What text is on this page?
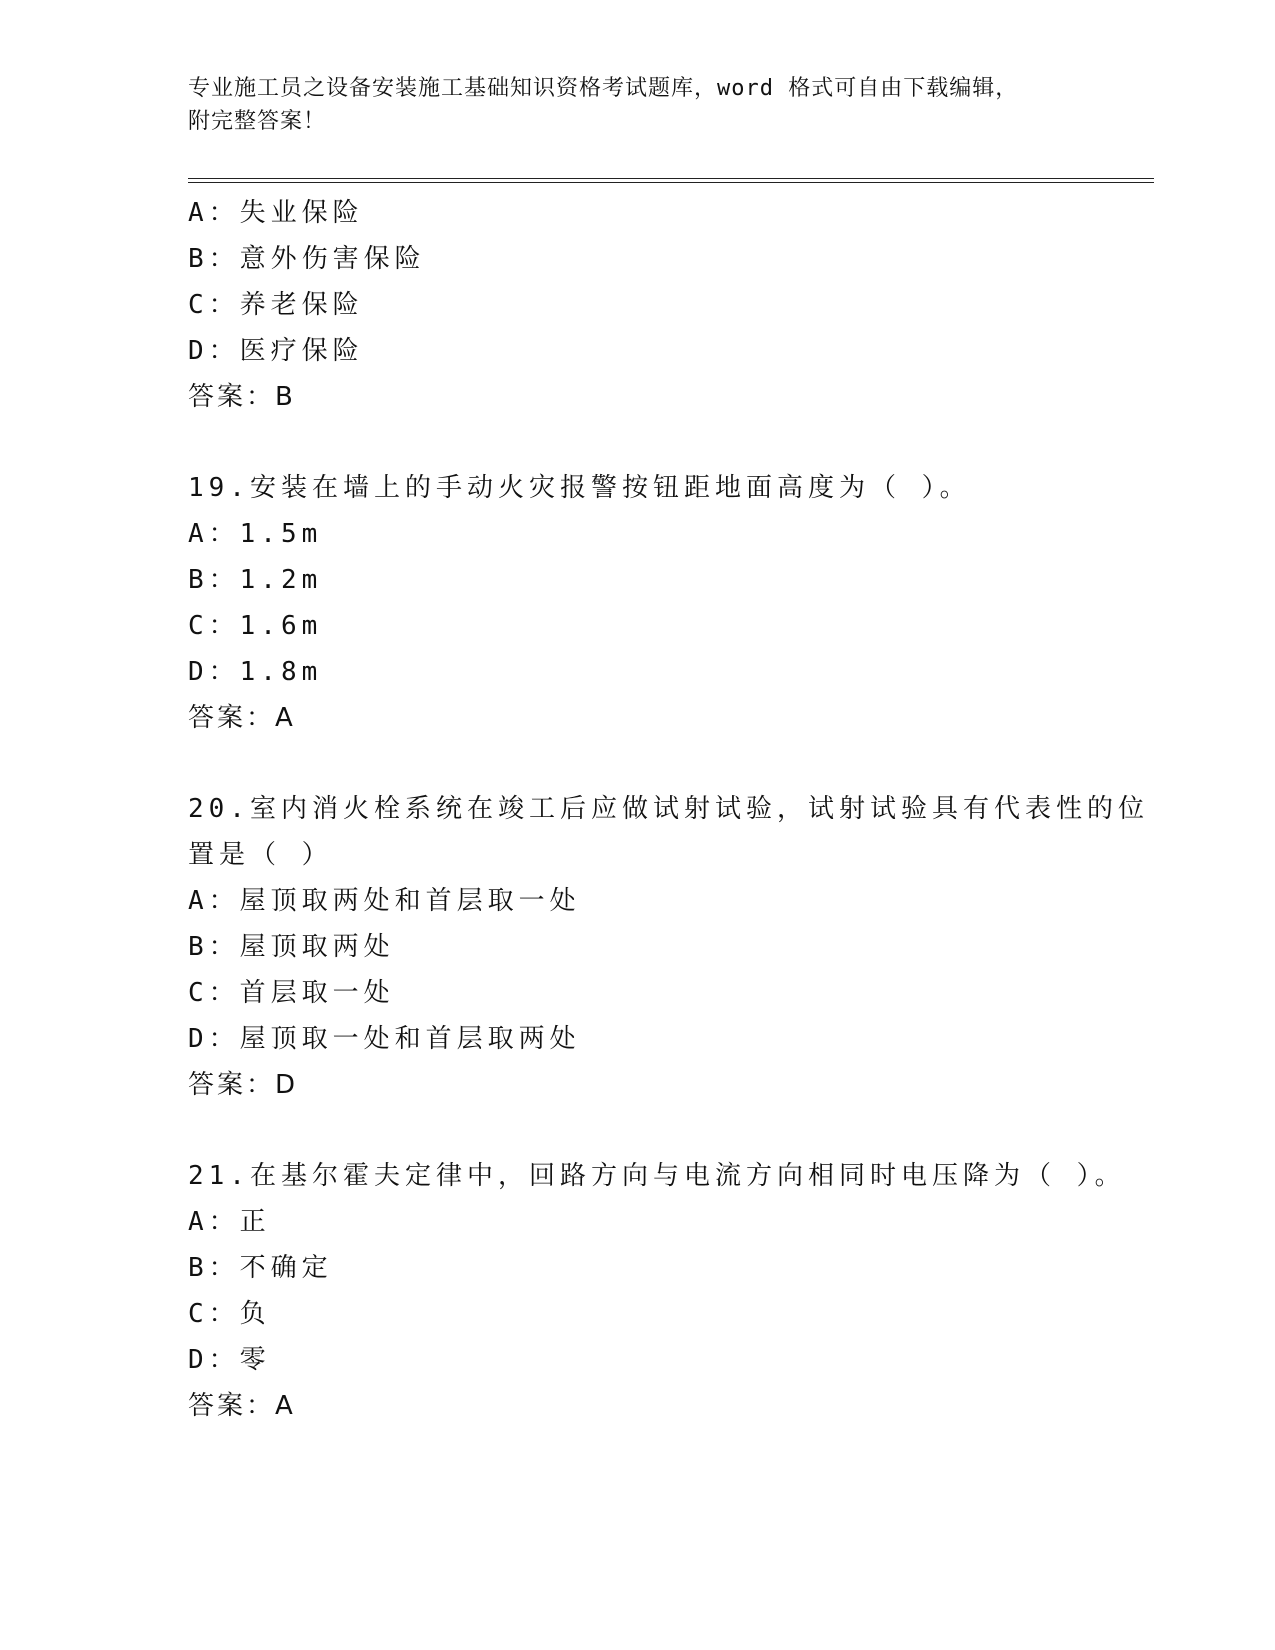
专业施工员之设备安装施工基础知识资格考试题库，word 格式可自由下载编辑，
附完整答案！
A：失业保险
B：意外伤害保险
C：养老保险
D：医疗保险
答案：B
19.安装在墙上的手动火灾报警按钮距地面高度为（ ）。
A：1.5m
B：1.2m
C：1.6m
D：1.8m
答案：A
20.室内消火栓系统在竣工后应做试射试验，试射试验具有代表性的位
置是（ ）
A：屋顶取两处和首层取一处
B：屋顶取两处
C：首层取一处
D：屋顶取一处和首层取两处
答案：D
21.在基尔霍夫定律中，回路方向与电流方向相同时电压降为（ ）。
A：正
B：不确定
C：负
D：零
答案：A
